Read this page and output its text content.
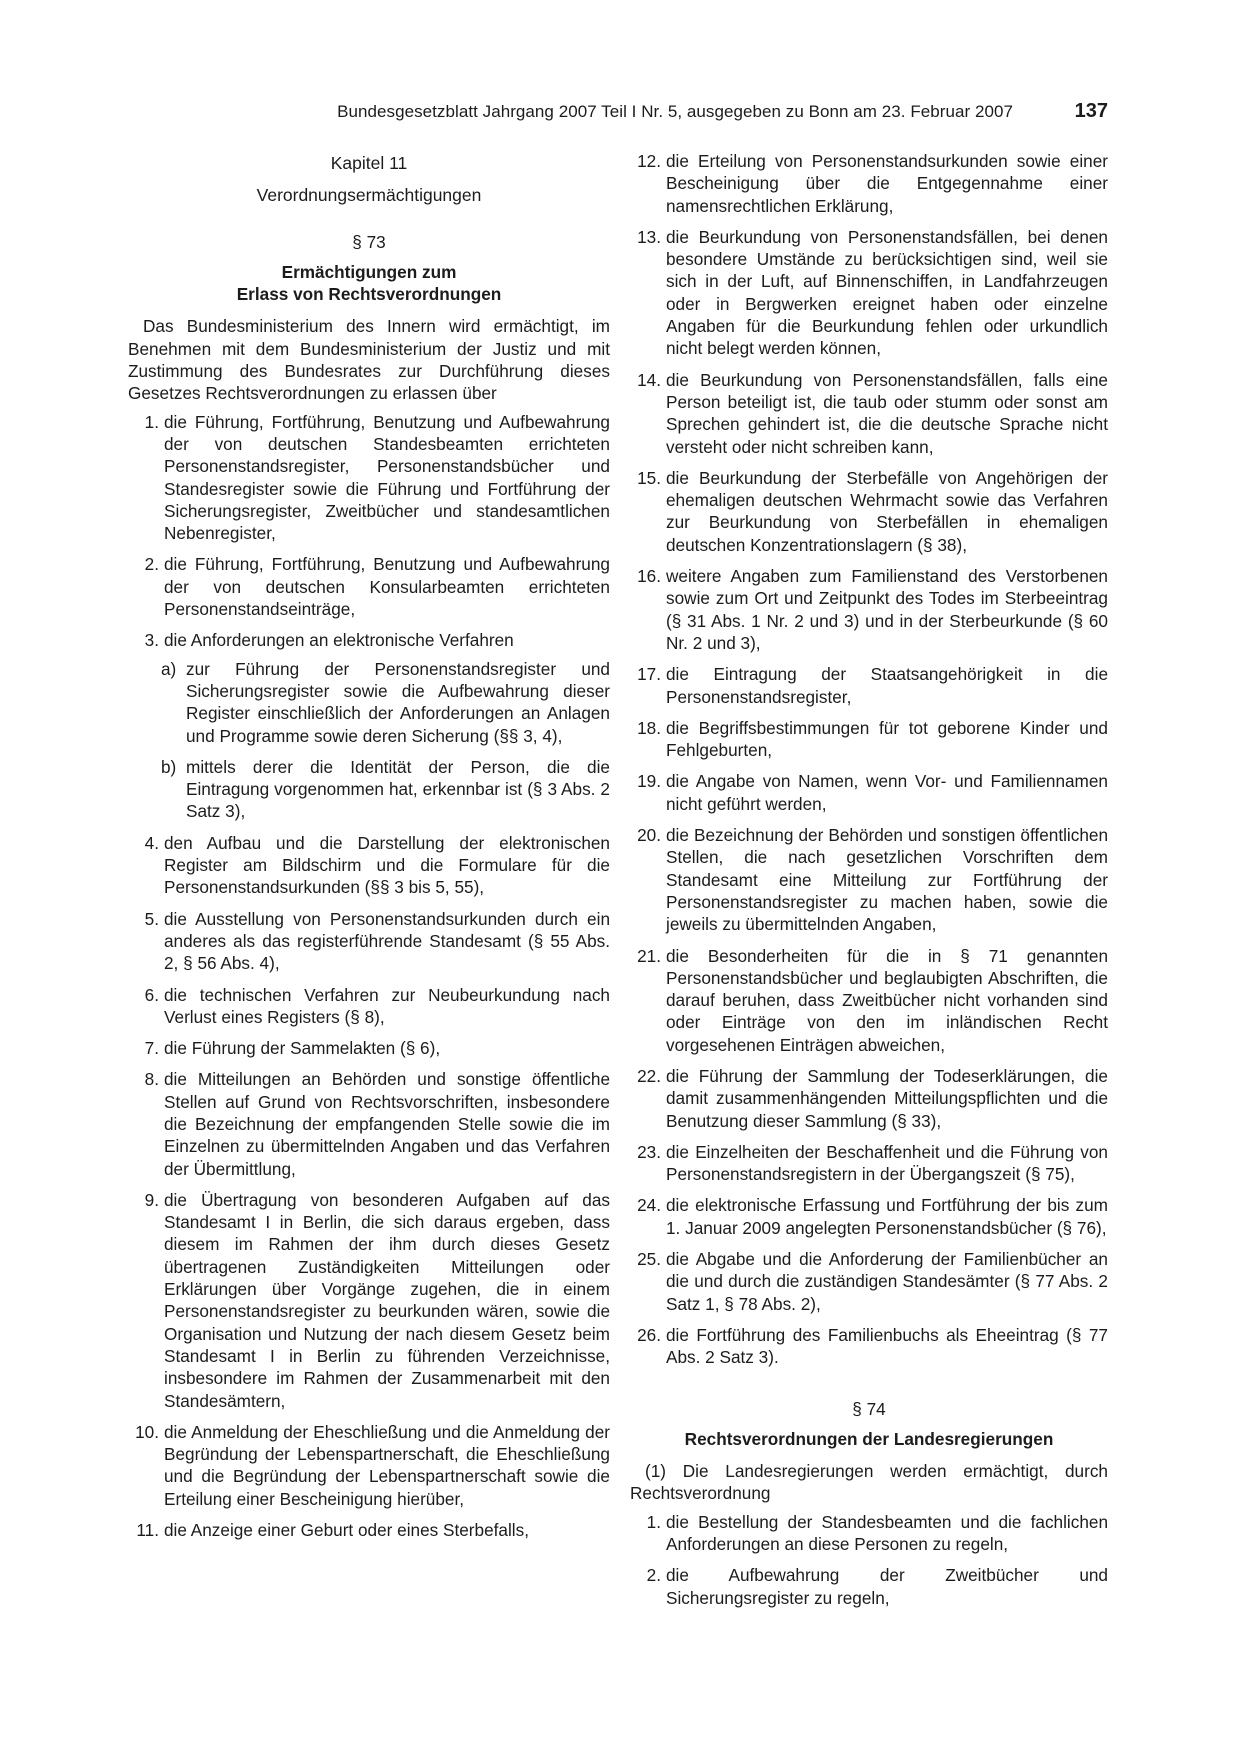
Bundesgesetzblatt Jahrgang 2007 Teil I Nr. 5, ausgegeben zu Bonn am 23. Februar 2007	137
Kapitel 11
Verordnungsermächtigungen
§ 73
Ermächtigungen zum
Erlass von Rechtsverordnungen
Das Bundesministerium des Innern wird ermächtigt, im Benehmen mit dem Bundesministerium der Justiz und mit Zustimmung des Bundesrates zur Durchführung dieses Gesetzes Rechtsverordnungen zu erlassen über
1. die Führung, Fortführung, Benutzung und Aufbewahrung der von deutschen Standesbeamten errichteten Personenstandsregister, Personenstandsbücher und Standesregister sowie die Führung und Fortführung der Sicherungsregister, Zweitbücher und standesamtlichen Nebenregister,
2. die Führung, Fortführung, Benutzung und Aufbewahrung der von deutschen Konsularbeamten errichteten Personenstandseinträge,
3. die Anforderungen an elektronische Verfahren
a) zur Führung der Personenstandsregister und Sicherungsregister sowie die Aufbewahrung dieser Register einschließlich der Anforderungen an Anlagen und Programme sowie deren Sicherung (§§ 3, 4),
b) mittels derer die Identität der Person, die die Eintragung vorgenommen hat, erkennbar ist (§ 3 Abs. 2 Satz 3),
4. den Aufbau und die Darstellung der elektronischen Register am Bildschirm und die Formulare für die Personenstandsurkunden (§§ 3 bis 5, 55),
5. die Ausstellung von Personenstandsurkunden durch ein anderes als das registerführende Standesamt (§ 55 Abs. 2, § 56 Abs. 4),
6. die technischen Verfahren zur Neubeurkundung nach Verlust eines Registers (§ 8),
7. die Führung der Sammelakten (§ 6),
8. die Mitteilungen an Behörden und sonstige öffentliche Stellen auf Grund von Rechtsvorschriften, insbesondere die Bezeichnung der empfangenden Stelle sowie die im Einzelnen zu übermittelnden Angaben und das Verfahren der Übermittlung,
9. die Übertragung von besonderen Aufgaben auf das Standesamt I in Berlin, die sich daraus ergeben, dass diesem im Rahmen der ihm durch dieses Gesetz übertragenen Zuständigkeiten Mitteilungen oder Erklärungen über Vorgänge zugehen, die in einem Personenstandsregister zu beurkunden wären, sowie die Organisation und Nutzung der nach diesem Gesetz beim Standesamt I in Berlin zu führenden Verzeichnisse, insbesondere im Rahmen der Zusammenarbeit mit den Standesämtern,
10. die Anmeldung der Eheschließung und die Anmeldung der Begründung der Lebenspartnerschaft, die Eheschließung und die Begründung der Lebenspartnerschaft sowie die Erteilung einer Bescheinigung hierüber,
11. die Anzeige einer Geburt oder eines Sterbefalls,
12. die Erteilung von Personenstandsurkunden sowie einer Bescheinigung über die Entgegennahme einer namensrechtlichen Erklärung,
13. die Beurkundung von Personenstandsfällen, bei denen besondere Umstände zu berücksichtigen sind, weil sie sich in der Luft, auf Binnenschiffen, in Landfahrzeugen oder in Bergwerken ereignet haben oder einzelne Angaben für die Beurkundung fehlen oder urkundlich nicht belegt werden können,
14. die Beurkundung von Personenstandsfällen, falls eine Person beteiligt ist, die taub oder stumm oder sonst am Sprechen gehindert ist, die die deutsche Sprache nicht versteht oder nicht schreiben kann,
15. die Beurkundung der Sterbefälle von Angehörigen der ehemaligen deutschen Wehrmacht sowie das Verfahren zur Beurkundung von Sterbefällen in ehemaligen deutschen Konzentrationslagern (§ 38),
16. weitere Angaben zum Familienstand des Verstorbenen sowie zum Ort und Zeitpunkt des Todes im Sterbeeintrag (§ 31 Abs. 1 Nr. 2 und 3) und in der Sterbeurkunde (§ 60 Nr. 2 und 3),
17. die Eintragung der Staatsangehörigkeit in die Personenstandsregister,
18. die Begriffsbestimmungen für tot geborene Kinder und Fehlgeburten,
19. die Angabe von Namen, wenn Vor- und Familiennamen nicht geführt werden,
20. die Bezeichnung der Behörden und sonstigen öffentlichen Stellen, die nach gesetzlichen Vorschriften dem Standesamt eine Mitteilung zur Fortführung der Personenstandsregister zu machen haben, sowie die jeweils zu übermittelnden Angaben,
21. die Besonderheiten für die in § 71 genannten Personenstandsbücher und beglaubigten Abschriften, die darauf beruhen, dass Zweitbücher nicht vorhanden sind oder Einträge von den im inländischen Recht vorgesehenen Einträgen abweichen,
22. die Führung der Sammlung der Todeserklärungen, die damit zusammenhängenden Mitteilungspflichten und die Benutzung dieser Sammlung (§ 33),
23. die Einzelheiten der Beschaffenheit und die Führung von Personenstandsregistern in der Übergangszeit (§ 75),
24. die elektronische Erfassung und Fortführung der bis zum 1. Januar 2009 angelegten Personenstandsbücher (§ 76),
25. die Abgabe und die Anforderung der Familienbücher an die und durch die zuständigen Standesämter (§ 77 Abs. 2 Satz 1, § 78 Abs. 2),
26. die Fortführung des Familienbuchs als Eheeintrag (§ 77 Abs. 2 Satz 3).
§ 74
Rechtsverordnungen der Landesregierungen
(1) Die Landesregierungen werden ermächtigt, durch Rechtsverordnung
1. die Bestellung der Standesbeamten und die fachlichen Anforderungen an diese Personen zu regeln,
2. die Aufbewahrung der Zweitbücher und Sicherungsregister zu regeln,
